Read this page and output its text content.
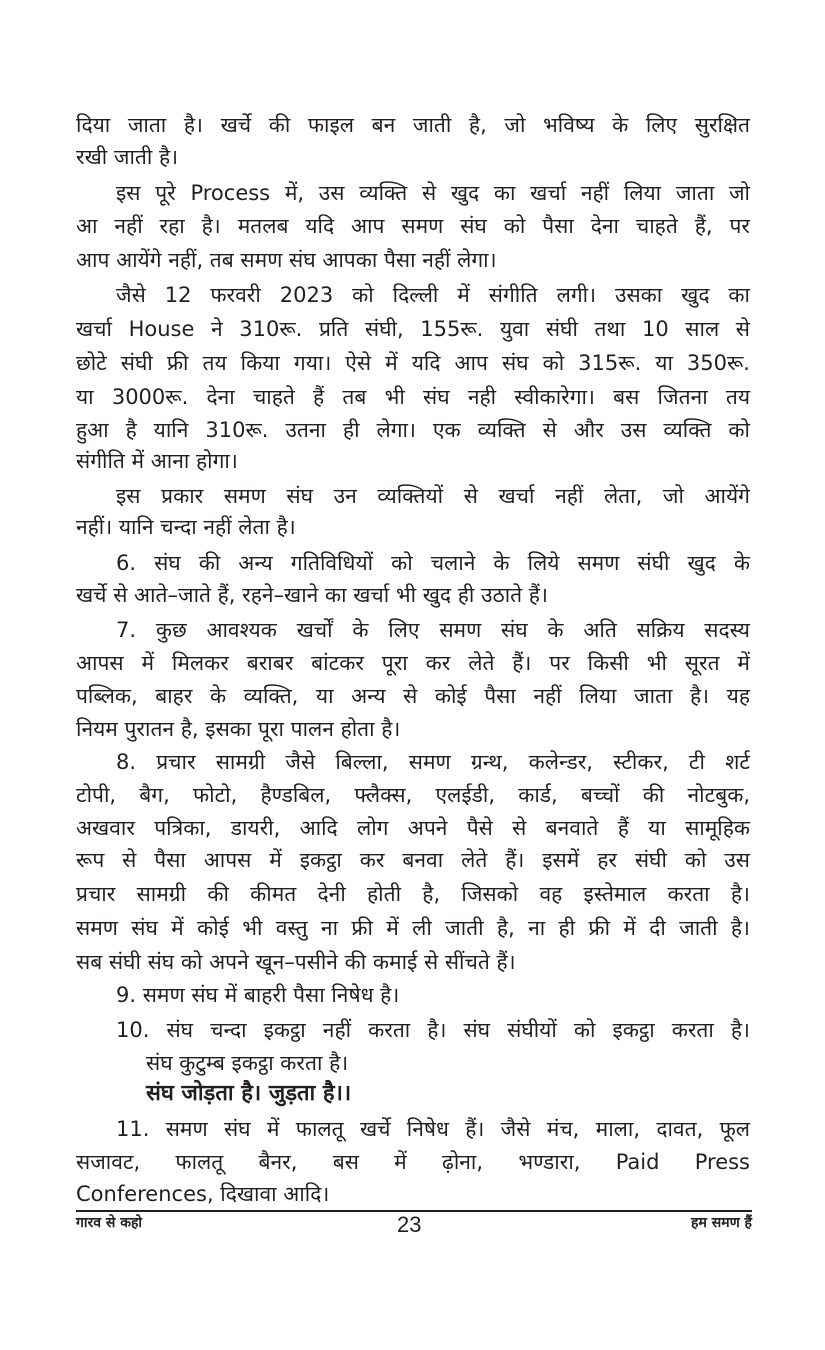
दिया जाता है। खर्चे की फाइल बन जाती है, जो भविष्य के लिए सुरक्षित
रखी जाती है।
इस पूरे Process में, उस व्यक्ति से खुद का खर्चा नहीं लिया जाता जो
आ नहीं रहा है। मतलब यदि आप समण संघ को पैसा देना चाहते हैं, पर
आप आयेंगे नहीं, तब समण संघ आपका पैसा नहीं लेगा।
जैसे 12 फरवरी 2023 को दिल्ली में संगीति लगी। उसका खुद का
खर्चा House ने 310रू. प्रति संघी, 155रू. युवा संघी तथा 10 साल से
छोटे संघी फ्री तय किया गया। ऐसे में यदि आप संघ को 315रू. या 350रू.
या 3000रू. देना चाहते हैं तब भी संघ नही स्वीकारेगा। बस जितना तय
हुआ है यानि 310रू. उतना ही लेगा। एक व्यक्ति से और उस व्यक्ति को
संगीति में आना होगा।
इस प्रकार समण संघ उन व्यक्तियों से खर्चा नहीं लेता, जो आयेंगे
नहीं। यानि चन्दा नहीं लेता है।
6. संघ की अन्य गतिविधियों को चलाने के लिये समण संघी खुद के
खर्चे से आते–जाते हैं, रहने–खाने का खर्चा भी खुद ही उठाते हैं।
7. कुछ आवश्यक खर्चों के लिए समण संघ के अति सक्रिय सदस्य
आपस में मिलकर बराबर बांटकर पूरा कर लेते हैं। पर किसी भी सूरत में
पब्लिक, बाहर के व्यक्ति, या अन्य से कोई पैसा नहीं लिया जाता है। यह
नियम पुरातन है, इसका पूरा पालन होता है।
8. प्रचार सामग्री जैसे बिल्ला, समण ग्रन्थ, कलेन्डर, स्टीकर, टी शर्ट
टोपी, बैग, फोटो, हैण्डबिल, फ्लैक्स, एलईडी, कार्ड, बच्चों की नोटबुक,
अखवार पत्रिका, डायरी, आदि लोग अपने पैसे से बनवाते हैं या सामूहिक
रूप से पैसा आपस में इकट्ठा कर बनवा लेते हैं। इसमें हर संघी को उस
प्रचार सामग्री की कीमत देनी होती है, जिसको वह इस्तेमाल करता है।
समण संघ में कोई भी वस्तु ना फ्री में ली जाती है, ना ही फ्री में दी जाती है।
सब संघी संघ को अपने खून–पसीने की कमाई से सींचते हैं।
9. समण संघ में बाहरी पैसा निषेध है।
10. संघ चन्दा इकट्ठा नहीं करता है। संघ संघीयों को इकट्ठा करता है।
संघ कुटुम्ब इकट्ठा करता है।
संघ जोड़ता है। जुड़ता है।।
11. समण संघ में फालतू खर्चे निषेध हैं। जैसे मंच, माला, दावत, फूल
सजावट, फालतू बैनर, बस में ढ़ोना, भण्डारा, Paid Press
Conferences, दिखावा आदि।
गारव से कहो	23	हम समण हैं
